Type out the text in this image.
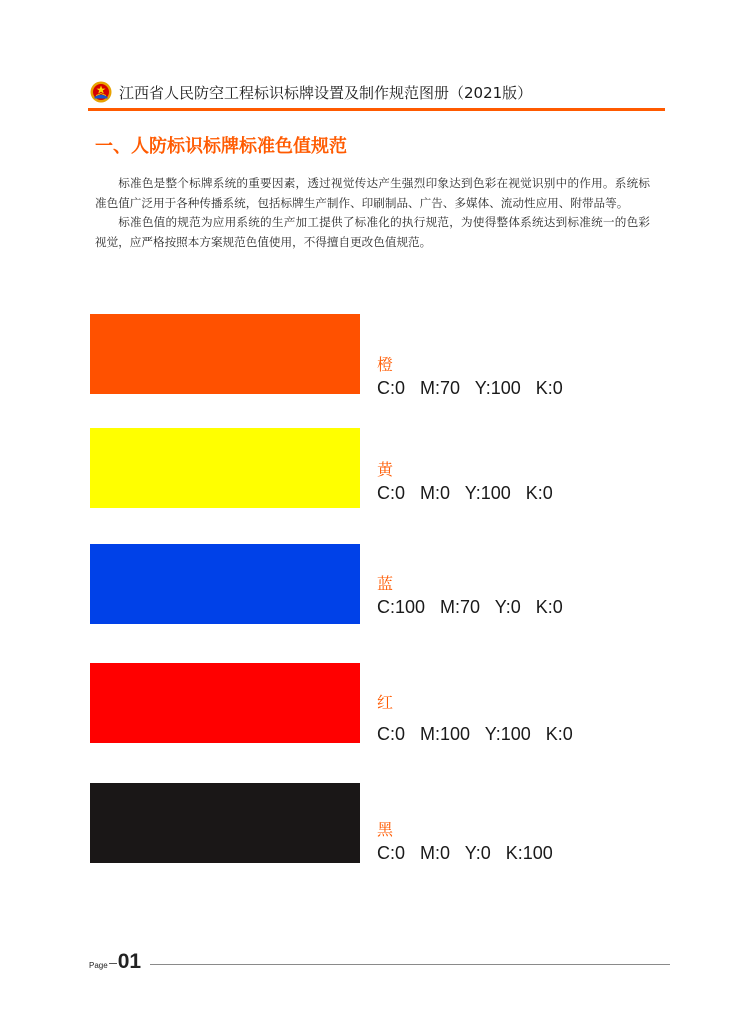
江西省人民防空工程标识标牌设置及制作规范图册（2021版）
一、人防标识标牌标准色值规范

标准色是整个标牌系统的重要因素，透过视觉传达产生强烈印象达到色彩在视觉识别中的作用。系统标准色值广泛用于各种传播系统，包括标牌生产制作、印刷制品、广告、多媒体、流动性应用、附带品等。

标准色值的规范为应用系统的生产加工提供了标准化的执行规范，为使得整体系统达到标准统一的色彩视觉，应严格按照本方案规范色值使用，不得擅自更改色值规范。

橙
C:0   M:70   Y:100   K:0
黄
C:0   M:0   Y:100   K:0
蓝
C:100   M:70   Y:0   K:0
红
C:0   M:100   Y:100   K:0
黑
C:0   M:0   Y:0   K:100
Page 01
